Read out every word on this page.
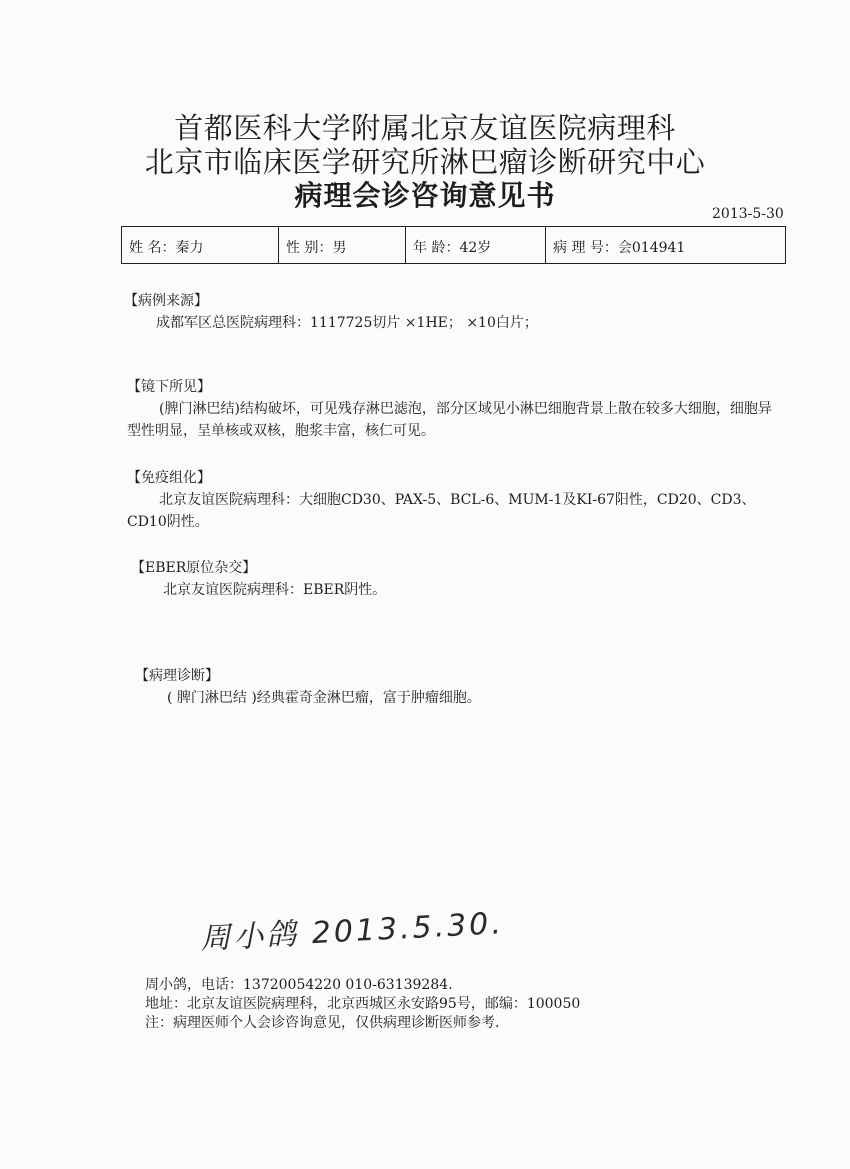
首都医科大学附属北京友谊医院病理科
北京市临床医学研究所淋巴瘤诊断研究中心
病理会诊咨询意见书
2013-5-30
姓 名：秦力	性 别：男	年 龄：42岁	病 理 号：会014941
【病例来源】
成都军区总医院病理科：1117725切片 ×1HE； ×10白片；
【镜下所见】
(脾门淋巴结)结构破坏，可见残存淋巴滤泡，部分区域见小淋巴细胞背景上散在较多大细胞，细胞异型性明显，呈单核或双核，胞浆丰富，核仁可见。
【免疫组化】
北京友谊医院病理科：大细胞CD30、PAX-5、BCL-6、MUM-1及KI-67阳性，CD20、CD3、CD10阴性。
【EBER原位杂交】
北京友谊医院病理科：EBER阴性。
【病理诊断】
( 脾门淋巴结 )经典霍奇金淋巴瘤，富于肿瘤细胞。
周小鸽 2013.5.30.
周小鸽，电话：13720054220 010-63139284.
地址：北京友谊医院病理科，北京西城区永安路95号，邮编：100050
注：病理医师个人会诊咨询意见，仅供病理诊断医师参考.
